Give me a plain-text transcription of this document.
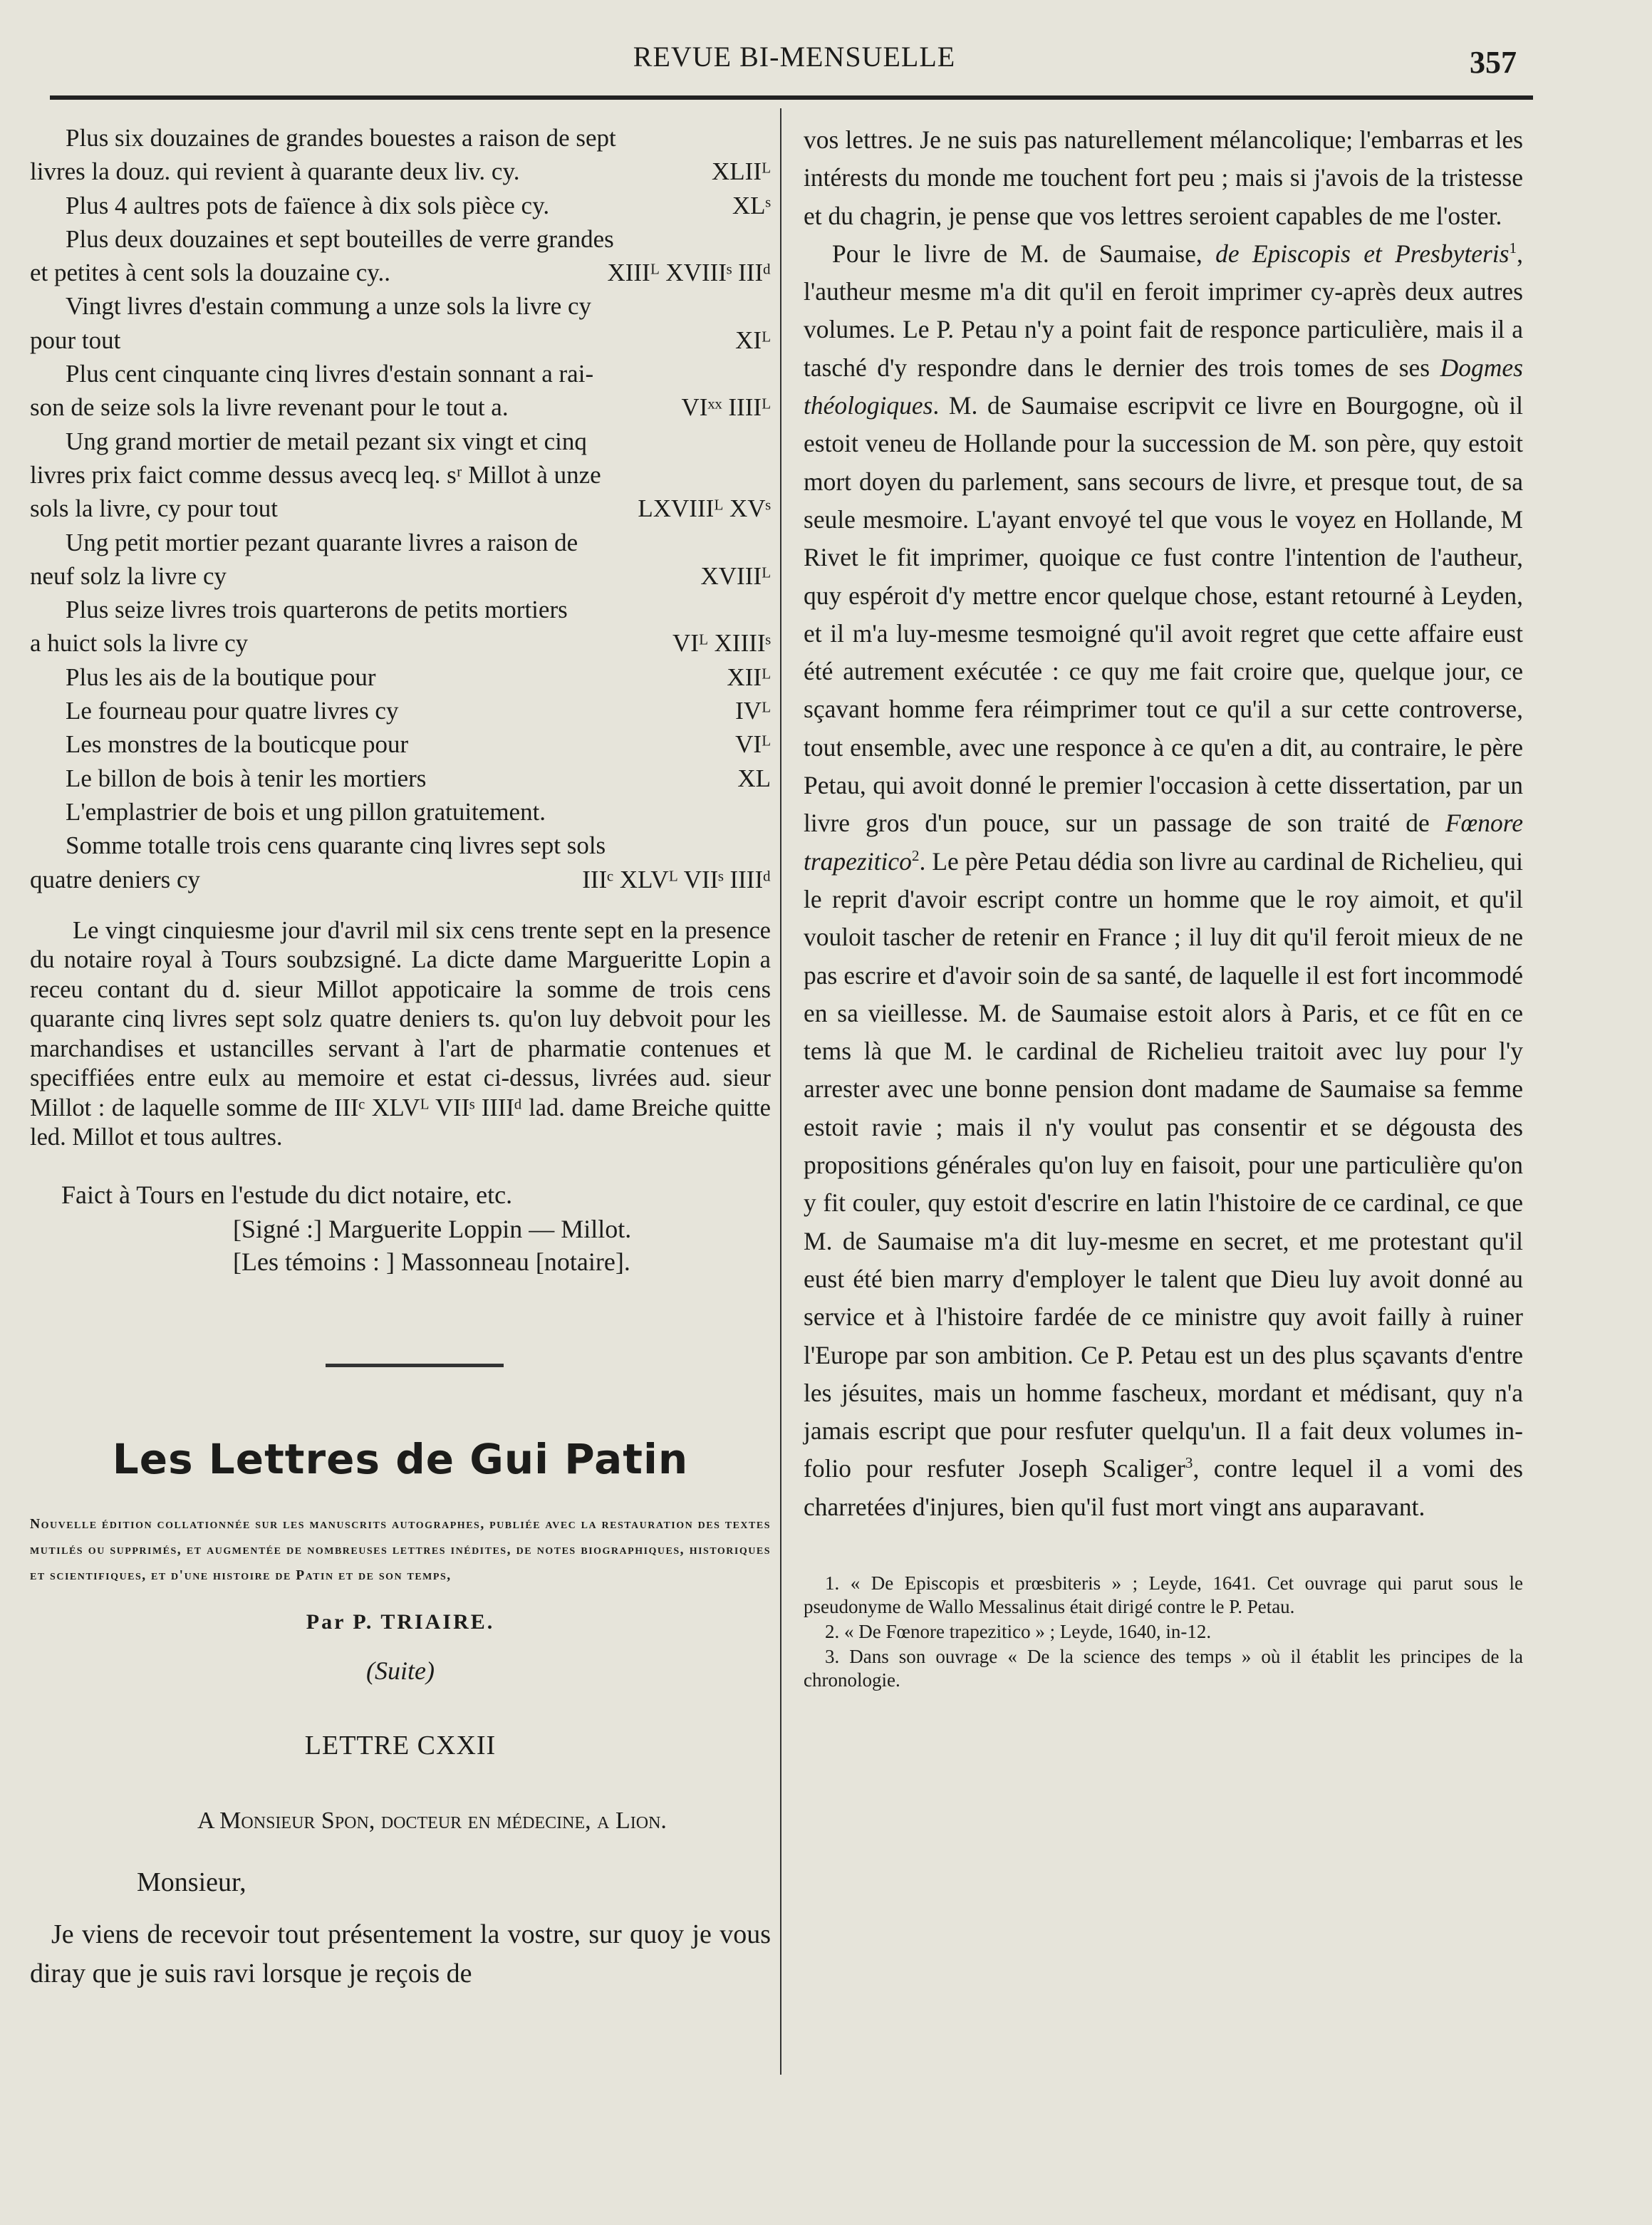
REVUE BI-MENSUELLE	357
Plus six douzaines de grandes bouestes a raison de sept
livres la douz. qui revient à quarante deux liv. cy.	XLIIᴸ
Plus 4 aultres pots de faïence à dix sols pièce cy.	XLˢ
Plus deux douzaines et sept bouteilles de verre grandes
et petites à cent sols la douzaine cy..	XIIIᴸ XVIIIˢ IIIᵈ
Vingt livres d'estain commung a unze sols la livre cy
pour tout	XIᴸ
Plus cent cinquante cinq livres d'estain sonnant a rai-
son de seize sols la livre revenant pour le tout a.	VIˣˣ IIIIᴸ
Ung grand mortier de metail pezant six vingt et cinq
livres prix faict comme dessus avecq leq. sʳ Millot à unze
sols la livre, cy pour tout	LXVIIIᴸ XVˢ
Ung petit mortier pezant quarante livres a raison de
neuf solz la livre cy	XVIIIᴸ
Plus seize livres trois quarterons de petits mortiers
a huict sols la livre cy	VIᴸ XIIIIˢ
Plus les ais de la boutique pour	XIIᴸ
Le fourneau pour quatre livres cy	IVᴸ
Les monstres de la bouticque pour	VIᴸ
Le billon de bois à tenir les mortiers	XL
L'emplastrier de bois et ung pillon gratuitement.
Somme totalle trois cens quarante cinq livres sept sols
quatre deniers cy	IIIᶜ XLVᴸ VIIˢ IIIIᵈ

Le vingt cinquiesme jour d'avril mil six cens trente sept en la presence du notaire royal à Tours soubzsigné. La dicte dame Margueritte Lopin a receu contant du d. sieur Millot appoticaire la somme de trois cens quarante cinq livres sept solz quatre deniers ts. qu'on luy debvoit pour les marchandises et ustancilles servant à l'art de pharmatie contenues et speciffiées entre eulx au memoire et estat ci-dessus, livrées aud. sieur Millot : de laquelle somme de IIIᶜ XLVᴸ VIIˢ IIIIᵈ lad. dame Breiche quitte led. Millot et tous aultres.

Faict à Tours en l'estude du dict notaire, etc.
[Signé :] Marguerite Loppin — Millot.
[Les témoins : ] Massonneau [notaire].
Les Lettres de Gui Patin
Nouvelle édition collationnée sur les manuscrits autographes, publiée avec la restauration des textes mutilés ou supprimés, et augmentée de nombreuses lettres inédites, de notes biographiques, historiques et scientifiques, et d'une histoire de Patin et de son temps,
Par P. TRIAIRE.
(Suite)
LETTRE CXXII
A Monsieur Spon, docteur en médecine, a Lion.
Monsieur,

Je viens de recevoir tout présentement la vostre, sur quoy je vous diray que je suis ravi lorsque je reçois de

vos lettres. Je ne suis pas naturellement mélancolique; l'embarras et les intérests du monde me touchent fort peu ; mais si j'avois de la tristesse et du chagrin, je pense que vos lettres seroient capables de me l'oster.

Pour le livre de M. de Saumaise, de Episcopis et Presbyteris$^1$, l'autheur mesme m'a dit qu'il en feroit imprimer cy-après deux autres volumes. Le P. Petau n'y a point fait de responce particulière, mais il a tasché d'y respondre dans le dernier des trois tomes de ses Dogmes théologiques. M. de Saumaise escripvit ce livre en Bourgogne, où il estoit veneu de Hollande pour la succession de M. son père, quy estoit mort doyen du parlement, sans secours de livre, et presque tout, de sa seule mesmoire. L'ayant envoyé tel que vous le voyez en Hollande, M Rivet le fit imprimer, quoique ce fust contre l'intention de l'autheur, quy espéroit d'y mettre encor quelque chose, estant retourné à Leyden, et il m'a luy-mesme tesmoigné qu'il avoit regret que cette affaire eust été autrement exécutée : ce quy me fait croire que, quelque jour, ce sçavant homme fera réimprimer tout ce qu'il a sur cette controverse, tout ensemble, avec une responce à ce qu'en a dit, au contraire, le père Petau, qui avoit donné le premier l'occasion à cette dissertation, par un livre gros d'un pouce, sur un passage de son traité de Fœnore trapezitico$^2$. Le père Petau dédia son livre au cardinal de Richelieu, qui le reprit d'avoir escript contre un homme que le roy aimoit, et qu'il vouloit tascher de retenir en France ; il luy dit qu'il feroit mieux de ne pas escrire et d'avoir soin de sa santé, de laquelle il est fort incommodé en sa vieillesse. M. de Saumaise estoit alors à Paris, et ce fût en ce tems là que M. le cardinal de Richelieu traitoit avec luy pour l'y arrester avec une bonne pension dont madame de Saumaise sa femme estoit ravie ; mais il n'y voulut pas consentir et se dégousta des propositions générales qu'on luy en faisoit, pour une particulière qu'on y fit couler, quy estoit d'escrire en latin l'histoire de ce cardinal, ce que M. de Saumaise m'a dit luy-mesme en secret, et me protestant qu'il eust été bien marry d'employer le talent que Dieu luy avoit donné au service et à l'histoire fardée de ce ministre quy avoit failly à ruiner l'Europe par son ambition. Ce P. Petau est un des plus sçavants d'entre les jésuites, mais un homme fascheux, mordant et médisant, quy n'a jamais escript que pour resfuter quelqu'un. Il a fait deux volumes in-folio pour resfuter Joseph Scaliger$^3$, contre lequel il a vomi des charretées d'injures, bien qu'il fust mort vingt ans auparavant.

1. « De Episcopis et prœsbiteris » ; Leyde, 1641. Cet ouvrage qui parut sous le pseudonyme de Wallo Messalinus était dirigé contre le P. Petau.

2. « De Fœnore trapezitico » ; Leyde, 1640, in-12.

3. Dans son ouvrage « De la science des temps » où il établit les principes de la chronologie.
